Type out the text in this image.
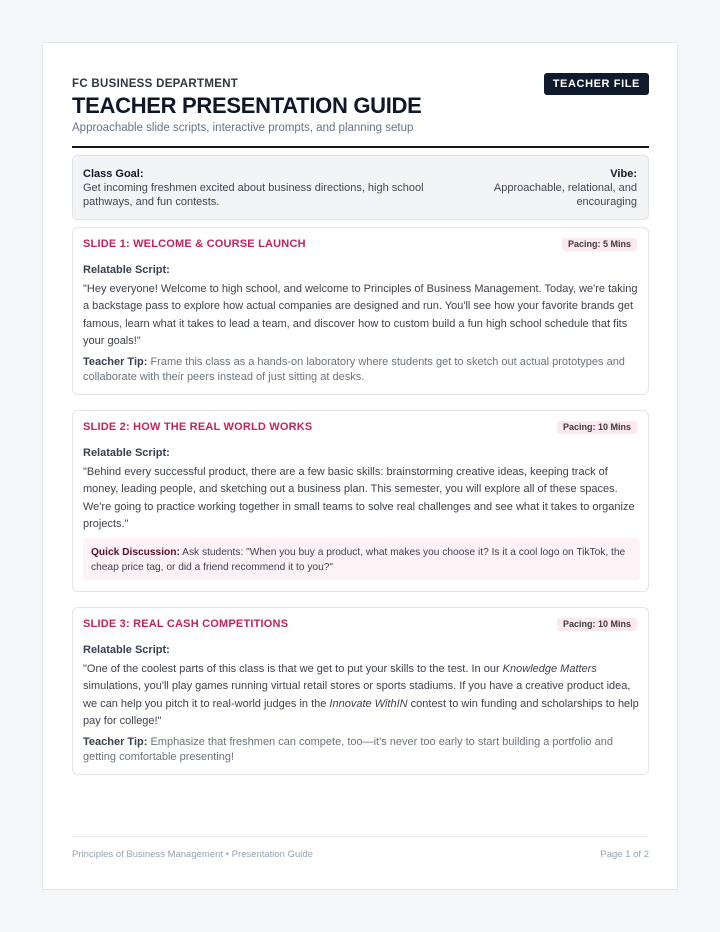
FC BUSINESS DEPARTMENT
TEACHER PRESENTATION GUIDE
Approachable slide scripts, interactive prompts, and planning setup
TEACHER FILE
Class Goal:
Get incoming freshmen excited about business directions, high school pathways, and fun contests.
Vibe:
Approachable, relational, and encouraging
SLIDE 1: WELCOME & COURSE LAUNCH	Pacing: 5 Mins
Relatable Script:
"Hey everyone! Welcome to high school, and welcome to Principles of Business Management. Today, we're taking a backstage pass to explore how actual companies are designed and run. You'll see how your favorite brands get famous, learn what it takes to lead a team, and discover how to custom build a fun high school schedule that fits your goals!"
Teacher Tip: Frame this class as a hands-on laboratory where students get to sketch out actual prototypes and collaborate with their peers instead of just sitting at desks.
SLIDE 2: HOW THE REAL WORLD WORKS	Pacing: 10 Mins
Relatable Script:
"Behind every successful product, there are a few basic skills: brainstorming creative ideas, keeping track of money, leading people, and sketching out a business plan. This semester, you will explore all of these spaces. We're going to practice working together in small teams to solve real challenges and see what it takes to organize projects."
Quick Discussion: Ask students: "When you buy a product, what makes you choose it? Is it a cool logo on TikTok, the cheap price tag, or did a friend recommend it to you?"
SLIDE 3: REAL CASH COMPETITIONS	Pacing: 10 Mins
Relatable Script:
"One of the coolest parts of this class is that we get to put your skills to the test. In our Knowledge Matters simulations, you'll play games running virtual retail stores or sports stadiums. If you have a creative product idea, we can help you pitch it to real-world judges in the Innovate WithIN contest to win funding and scholarships to help pay for college!"
Teacher Tip: Emphasize that freshmen can compete, too—it's never too early to start building a portfolio and getting comfortable presenting!
Principles of Business Management • Presentation Guide	Page 1 of 2
